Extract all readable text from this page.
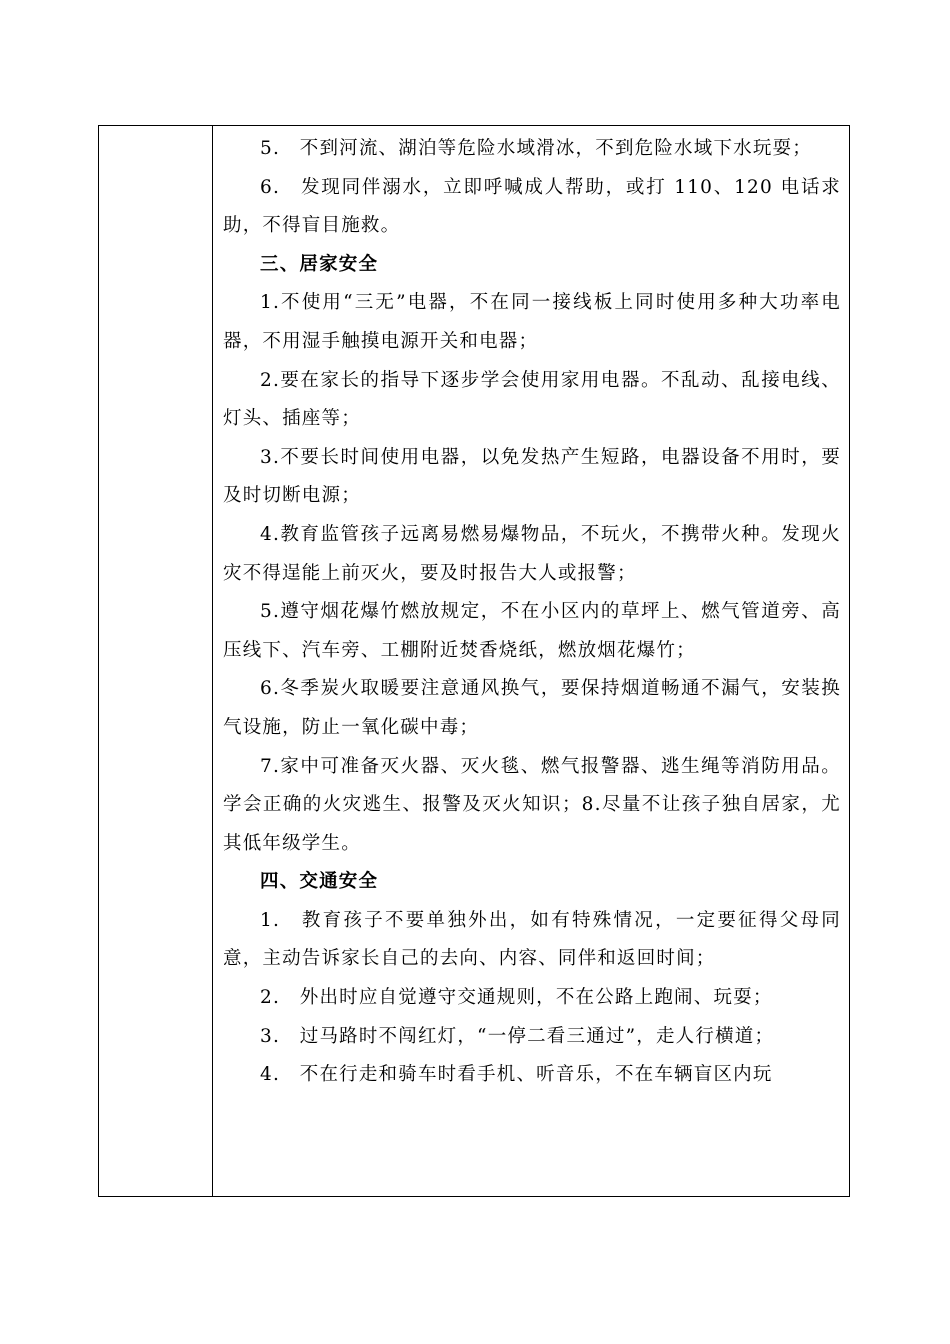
5.　不到河流、湖泊等危险水域滑冰，不到危险水域下水玩耍；

6.　发现同伴溺水，立即呼喊成人帮助，或打 110、120 电话求助，不得盲目施救。

三、居家安全

1.不使用“三无”电器，不在同一接线板上同时使用多种大功率电器，不用湿手触摸电源开关和电器；

2.要在家长的指导下逐步学会使用家用电器。不乱动、乱接电线、灯头、插座等；

3.不要长时间使用电器，以免发热产生短路，电器设备不用时，要及时切断电源；

4.教育监管孩子远离易燃易爆物品，不玩火，不携带火种。发现火灾不得逞能上前灭火，要及时报告大人或报警；

5.遵守烟花爆竹燃放规定，不在小区内的草坪上、燃气管道旁、高压线下、汽车旁、工棚附近焚香烧纸，燃放烟花爆竹；

6.冬季炭火取暖要注意通风换气，要保持烟道畅通不漏气，安装换气设施，防止一氧化碳中毒；

7.家中可准备灭火器、灭火毯、燃气报警器、逃生绳等消防用品。学会正确的火灾逃生、报警及灭火知识；8.尽量不让孩子独自居家，尤其低年级学生。

四、交通安全

1.　教育孩子不要单独外出，如有特殊情况，一定要征得父母同意，主动告诉家长自己的去向、内容、同伴和返回时间；

2.　外出时应自觉遵守交通规则，不在公路上跑闹、玩耍；

3.　过马路时不闯红灯，“一停二看三通过”，走人行横道；

4.　不在行走和骑车时看手机、听音乐，不在车辆盲区内玩
